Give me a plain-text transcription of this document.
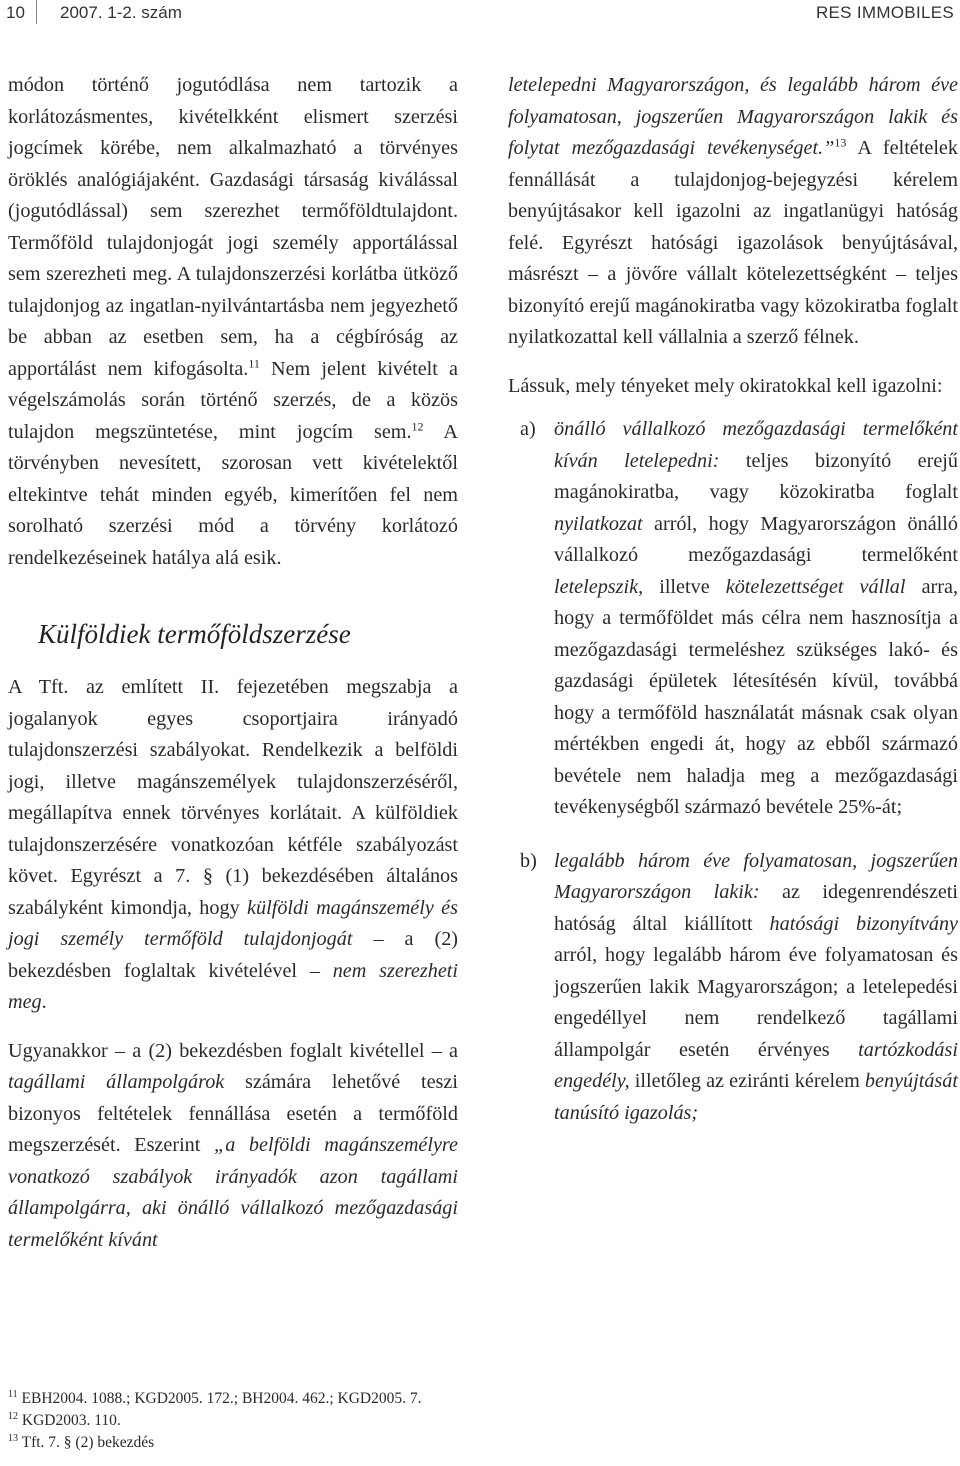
10 2007. 1-2. szám	RES IMMOBILES

módon történő jogutódlása nem tartozik a korlátozásmentes, kivételkként elismert szerzési jogcímek körébe, nem alkalmazható a törvényes öröklés analógiájaként. Gazdasági társaság kiválással (jogutódlással) sem szerezhet termőföldtulajdont. Termőföld tulajdonjogát jogi személy apportálással sem szerezheti meg. A tulajdonszerzési korlátba ütköző tulajdonjog az ingatlan-nyilvántartásba nem jegyezhető be abban az esetben sem, ha a cégbíróság az apportálást nem kifogásolta.$^{11}$ Nem jelent kivételt a végelszámolás során történő szerzés, de a közös tulajdon megszüntetése, mint jogcím sem.$^{12}$ A törvényben nevesített, szorosan vett kivételektől eltekintve tehát minden egyéb, kimerítően fel nem sorolható szerzési mód a törvény korlátozó rendelkezéseinek hatálya alá esik.

Külföldiek termőföldszerzése

A Tft. az említett II. fejezetében megszabja a jogalanyok egyes csoportjaira irányadó tulajdonszerzési szabályokat. Rendelkezik a belföldi jogi, illetve magánszemélyek tulajdonszerzéséről, megállapítva ennek törvényes korlátait. A külföldiek tulajdonszerzésére vonatkozóan kétféle szabályozást követ. Egyrészt a 7. § (1) bekezdésében általános szabályként kimondja, hogy külföldi magánszemély és jogi személy termőföld tulajdonjogát – a (2) bekezdésben foglaltak kivételével – nem szerezheti meg.

Ugyanakkor – a (2) bekezdésben foglalt kivétellel – a tagállami állampolgárok számára lehetővé teszi bizonyos feltételek fennállása esetén a termőföld megszerzését. Eszerint „a belföldi magánszemélyre vonatkozó szabályok irányadók azon tagállami állampolgárra, aki önálló vállalkozó mezőgazdasági termelőként kívánt

letelepedni Magyarországon, és legalább három éve folyamatosan, jogszerűen Magyarországon lakik és folytat mezőgazdasági tevékenységet.”$^{13}$ A feltételek fennállását a tulajdonjog-bejegyzési kérelem benyújtásakor kell igazolni az ingatlanügyi hatóság felé. Egyrészt hatósági igazolások benyújtásával, másrészt – a jövőre vállalt kötelezettségként – teljes bizonyító erejű magánokiratba vagy közokiratba foglalt nyilatkozattal kell vállalnia a szerző félnek.

Lássuk, mely tényeket mely okiratokkal kell igazolni:

a) önálló vállalkozó mezőgazdasági termelőként kíván letelepedni: teljes bizonyító erejű magánokiratba, vagy közokiratba foglalt nyilatkozat arról, hogy Magyarországon önálló vállalkozó mezőgazdasági termelőként letelepszik, illetve kötelezettséget vállal arra, hogy a termőföldet más célra nem hasznosítja a mezőgazdasági termeléshez szükséges lakó- és gazdasági épületek létesítésén kívül, továbbá hogy a termőföld használatát másnak csak olyan mértékben engedi át, hogy az ebből származó bevétele nem haladja meg a mezőgazdasági tevékenységből származó bevétele 25%-át;

b) legalább három éve folyamatosan, jogszerűen Magyarországon lakik: az idegenrendészeti hatóság által kiállított hatósági bizonyítvány arról, hogy legalább három éve folyamatosan és jogszerűen lakik Magyarországon; a letelepedési engedéllyel nem rendelkező tagállami állampolgár esetén érvényes tartózkodási engedély, illetőleg az eziránti kérelem benyújtását tanúsító igazolás;

$^{11}$ EBH2004. 1088.; KGD2005. 172.; BH2004. 462.; KGD2005. 7.
$^{12}$ KGD2003. 110.
$^{13}$ Tft. 7. § (2) bekezdés
